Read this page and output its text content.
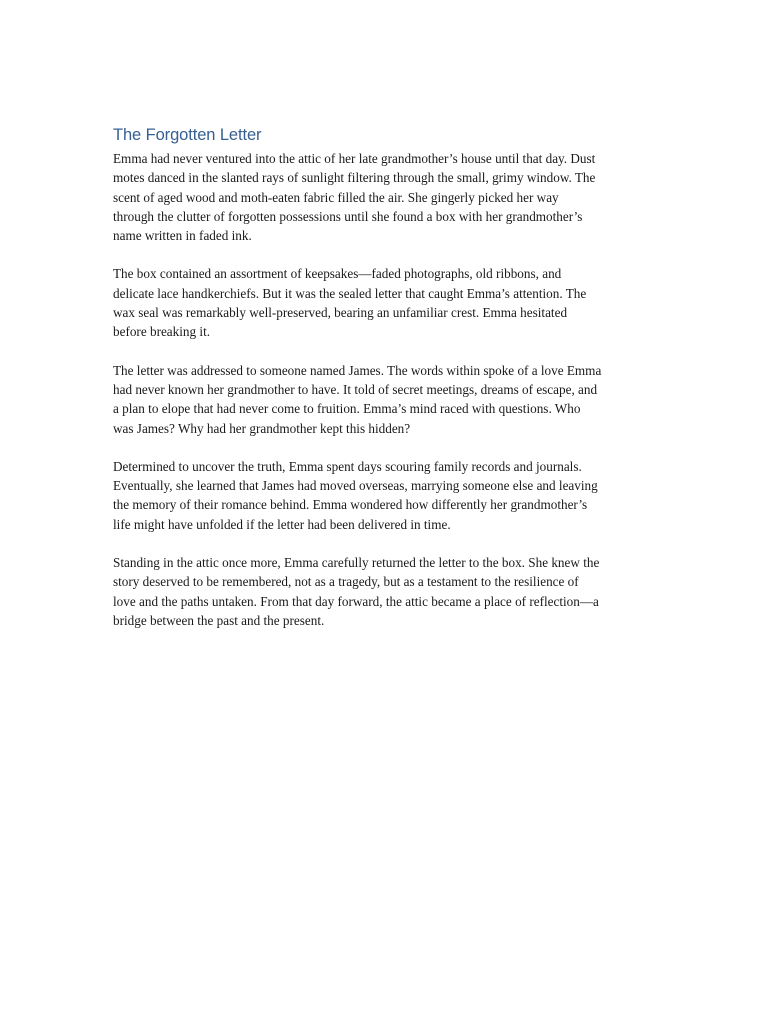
The Forgotten Letter

Emma had never ventured into the attic of her late grandmother’s house until that day. Dust
motes danced in the slanted rays of sunlight filtering through the small, grimy window. The
scent of aged wood and moth-eaten fabric filled the air. She gingerly picked her way
through the clutter of forgotten possessions until she found a box with her grandmother’s
name written in faded ink.

The box contained an assortment of keepsakes—faded photographs, old ribbons, and
delicate lace handkerchiefs. But it was the sealed letter that caught Emma’s attention. The
wax seal was remarkably well-preserved, bearing an unfamiliar crest. Emma hesitated
before breaking it.

The letter was addressed to someone named James. The words within spoke of a love Emma
had never known her grandmother to have. It told of secret meetings, dreams of escape, and
a plan to elope that had never come to fruition. Emma’s mind raced with questions. Who
was James? Why had her grandmother kept this hidden?

Determined to uncover the truth, Emma spent days scouring family records and journals.
Eventually, she learned that James had moved overseas, marrying someone else and leaving
the memory of their romance behind. Emma wondered how differently her grandmother’s
life might have unfolded if the letter had been delivered in time.

Standing in the attic once more, Emma carefully returned the letter to the box. She knew the
story deserved to be remembered, not as a tragedy, but as a testament to the resilience of
love and the paths untaken. From that day forward, the attic became a place of reflection—a
bridge between the past and the present.
